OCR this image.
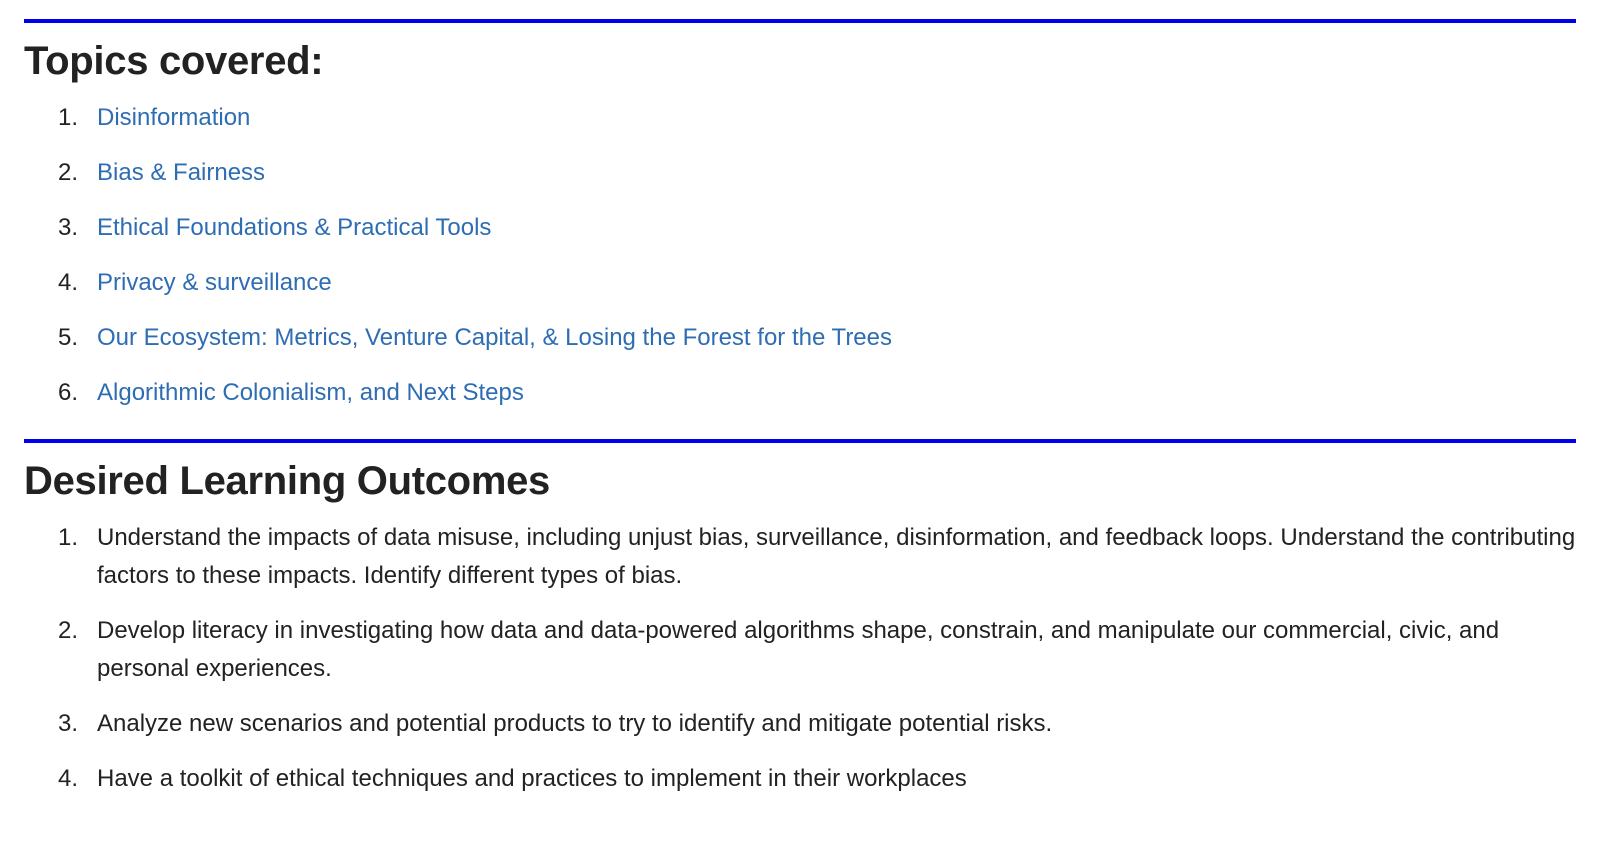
Topics covered:
1. Disinformation
2. Bias & Fairness
3. Ethical Foundations & Practical Tools
4. Privacy & surveillance
5. Our Ecosystem: Metrics, Venture Capital, & Losing the Forest for the Trees
6. Algorithmic Colonialism, and Next Steps
Desired Learning Outcomes
1. Understand the impacts of data misuse, including unjust bias, surveillance, disinformation, and feedback loops. Understand the contributing factors to these impacts. Identify different types of bias.
2. Develop literacy in investigating how data and data-powered algorithms shape, constrain, and manipulate our commercial, civic, and personal experiences.
3. Analyze new scenarios and potential products to try to identify and mitigate potential risks.
4. Have a toolkit of ethical techniques and practices to implement in their workplaces
